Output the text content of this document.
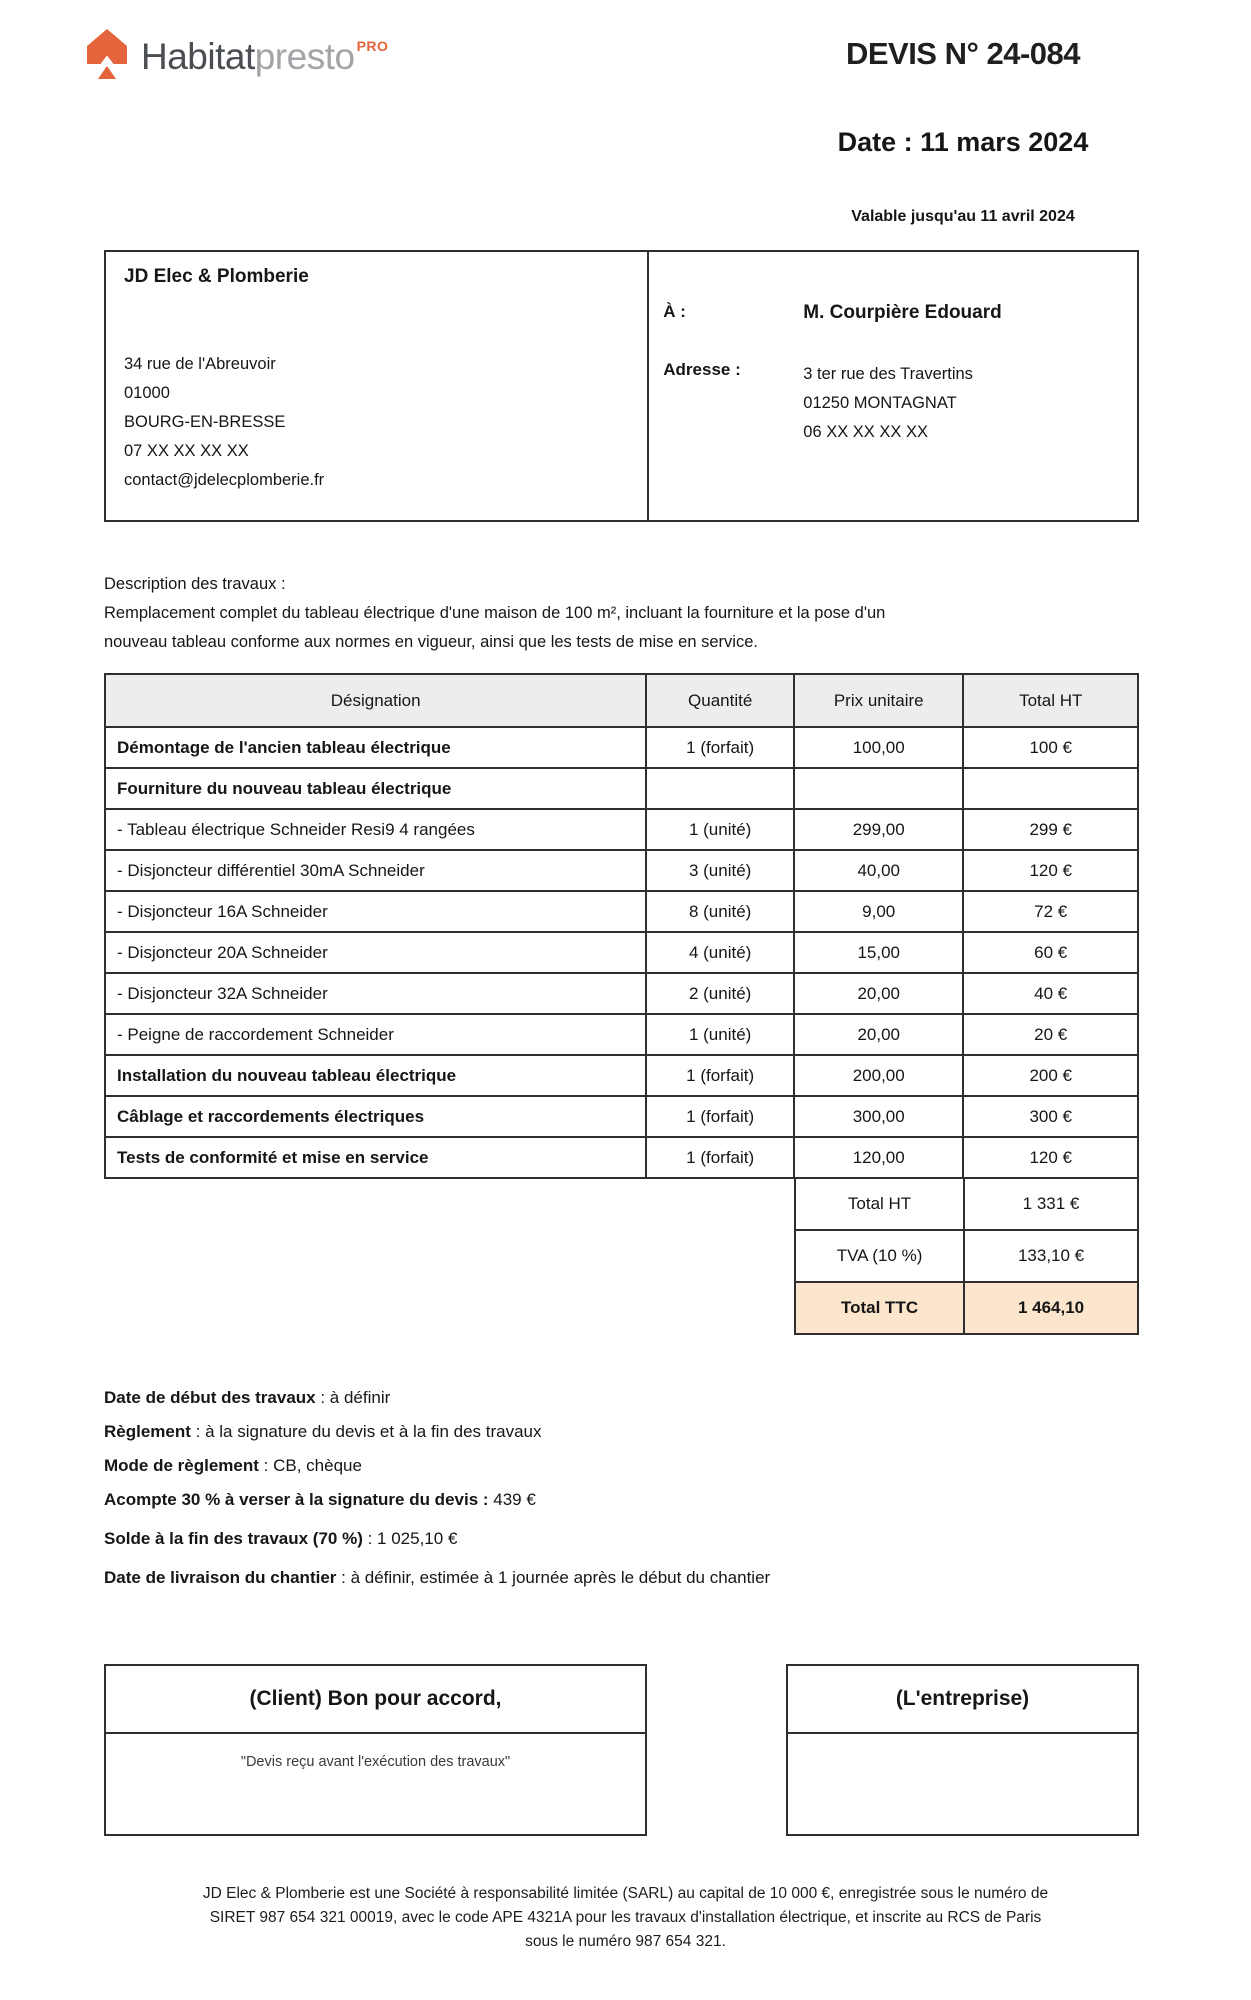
Habitatpresto $^{PRO}$	DEVIS N° 24-084
Date : 11 mars 2024
Valable jusqu'au 11 avril 2024
JD Elec & Plomberie
34 rue de l'Abreuvoir
01000
BOURG-EN-BRESSE
07 XX XX XX XX
contact@jdelecplomberie.fr
À :	M. Courpière Edouard
Adresse :	3 ter rue des Travertins
01250 MONTAGNAT
06 XX XX XX XX
Description des travaux :
Remplacement complet du tableau électrique d'une maison de 100 m², incluant la fourniture et la pose d'un
nouveau tableau conforme aux normes en vigueur, ainsi que les tests de mise en service.
Désignation	Quantité	Prix unitaire	Total HT
Démontage de l'ancien tableau électrique	1 (forfait)	100,00	100 €
Fourniture du nouveau tableau électrique			
- Tableau électrique Schneider Resi9 4 rangées	1 (unité)	299,00	299 €
- Disjoncteur différentiel 30mA Schneider	3 (unité)	40,00	120 €
- Disjoncteur 16A Schneider	8 (unité)	9,00	72 €
- Disjoncteur 20A Schneider	4 (unité)	15,00	60 €
- Disjoncteur 32A Schneider	2 (unité)	20,00	40 €
- Peigne de raccordement Schneider	1 (unité)	20,00	20 €
Installation du nouveau tableau électrique	1 (forfait)	200,00	200 €
Câblage et raccordements électriques	1 (forfait)	300,00	300 €
Tests de conformité et mise en service	1 (forfait)	120,00	120 €
Total HT	1 331 €
TVA (10 %)	133,10 €
Total TTC	1 464,10

Date de début des travaux : à définir

Règlement : à la signature du devis et à la fin des travaux

Mode de règlement : CB, chèque

Acompte 30 % à verser à la signature du devis : 439 €

Solde à la fin des travaux (70 %) : 1 025,10 €

Date de livraison du chantier : à définir, estimée à 1 journée après le début du chantier

(Client) Bon pour accord,
"Devis reçu avant l'exécution des travaux"
(L'entreprise)
JD Elec & Plomberie est une Société à responsabilité limitée (SARL) au capital de 10 000 €, enregistrée sous le numéro de
SIRET 987 654 321 00019, avec le code APE 4321A pour les travaux d'installation électrique, et inscrite au RCS de Paris
sous le numéro 987 654 321.
